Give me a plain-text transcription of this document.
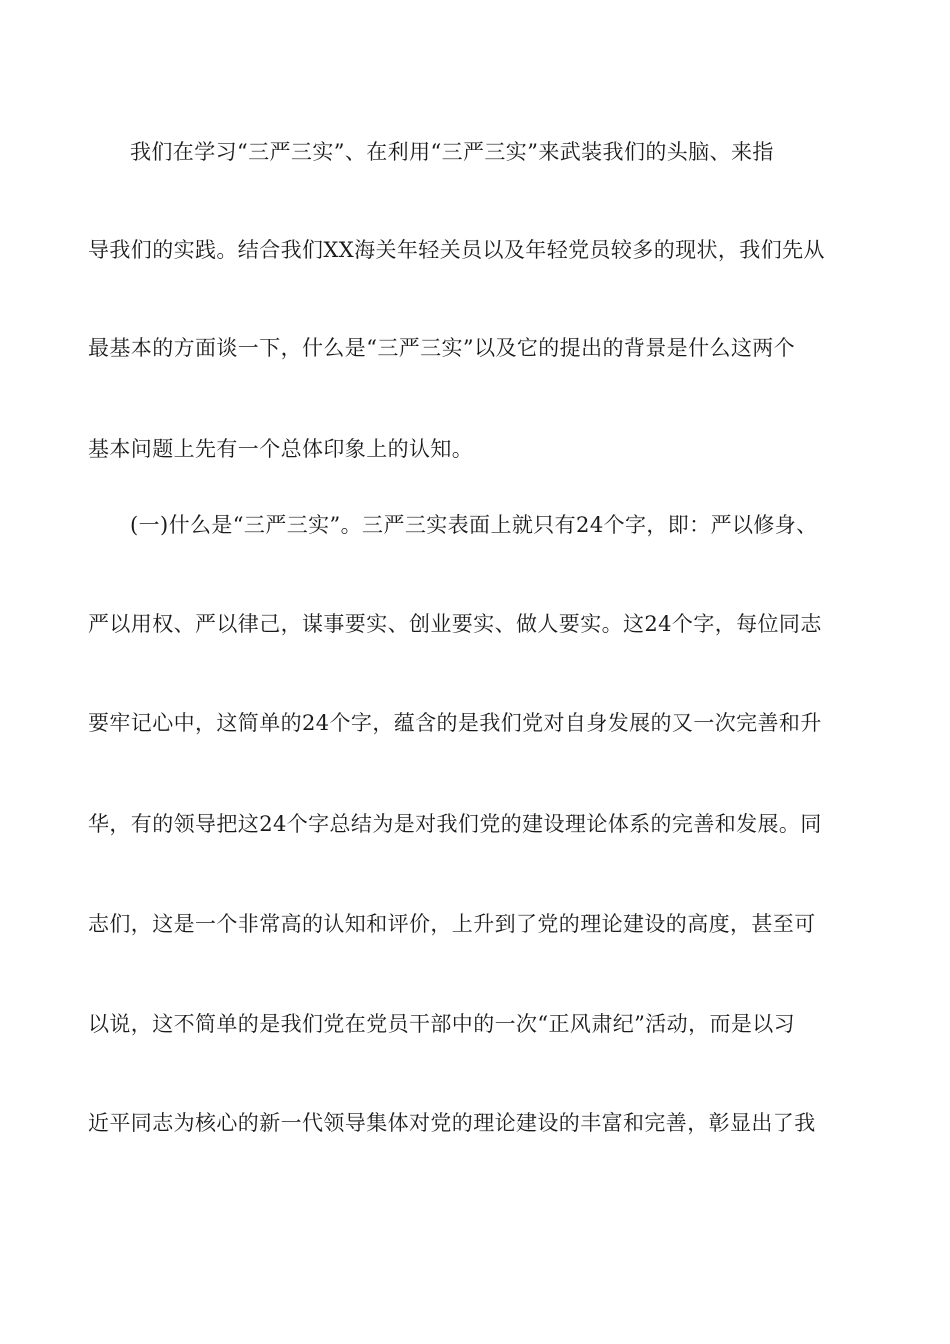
我们在学习“三严三实”、在利用“三严三实”来武装我们的头脑、来指
导我们的实践。结合我们XX海关年轻关员以及年轻党员较多的现状，我们先从
最基本的方面谈一下，什么是“三严三实”以及它的提出的背景是什么这两个
基本问题上先有一个总体印象上的认知。
(一)什么是“三严三实”。三严三实表面上就只有24个字，即：严以修身、
严以用权、严以律己，谋事要实、创业要实、做人要实。这24个字，每位同志
要牢记心中，这简单的24个字，蕴含的是我们党对自身发展的又一次完善和升
华，有的领导把这24个字总结为是对我们党的建设理论体系的完善和发展。同
志们，这是一个非常高的认知和评价，上升到了党的理论建设的高度，甚至可
以说，这不简单的是我们党在党员干部中的一次“正风肃纪”活动，而是以习
近平同志为核心的新一代领导集体对党的理论建设的丰富和完善，彰显出了我
